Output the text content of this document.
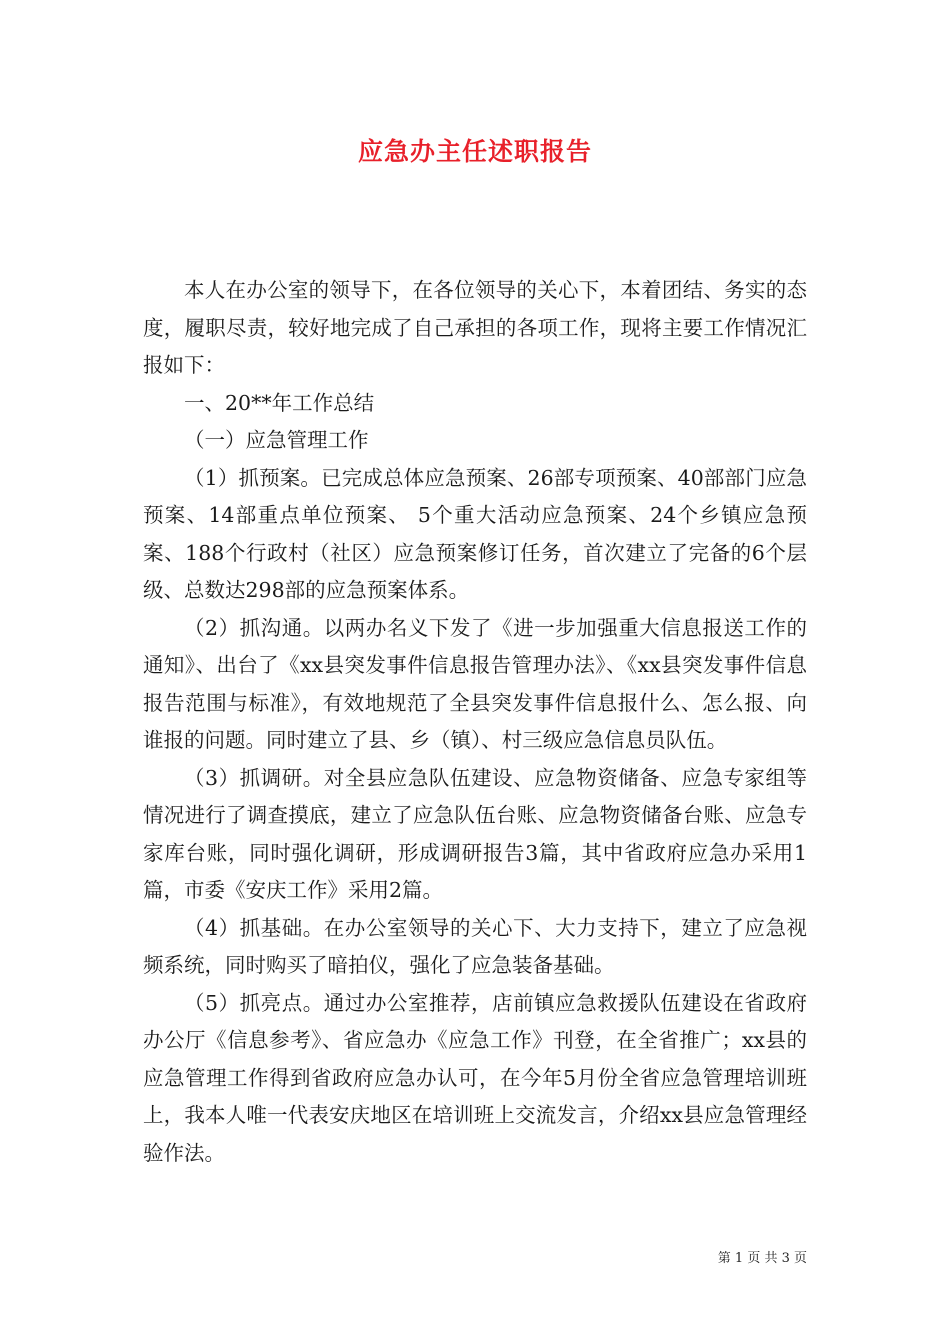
应急办主任述职报告

本人在办公室的领导下，在各位领导的关心下，本着团结、务实的态度，履职尽责，较好地完成了自己承担的各项工作，现将主要工作情况汇报如下：

一、20**年工作总结

（一）应急管理工作

（1）抓预案。已完成总体应急预案、26部专项预案、40部部门应急预案、14部重点单位预案、 5个重大活动应急预案、24个乡镇应急预案、188个行政村（社区）应急预案修订任务，首次建立了完备的6个层级、总数达298部的应急预案体系。

（2）抓沟通。以两办名义下发了《进一步加强重大信息报送工作的通知》、出台了《xx县突发事件信息报告管理办法》、《xx县突发事件信息报告范围与标准》，有效地规范了全县突发事件信息报什么、怎么报、向谁报的问题。同时建立了县、乡（镇）、村三级应急信息员队伍。

（3）抓调研。对全县应急队伍建设、应急物资储备、应急专家组等情况进行了调查摸底，建立了应急队伍台账、应急物资储备台账、应急专家库台账，同时强化调研，形成调研报告3篇，其中省政府应急办采用1篇，市委《安庆工作》采用2篇。

（4）抓基础。在办公室领导的关心下、大力支持下，建立了应急视频系统，同时购买了暗拍仪，强化了应急装备基础。

（5）抓亮点。通过办公室推荐，店前镇应急救援队伍建设在省政府办公厅《信息参考》、省应急办《应急工作》刊登，在全省推广；xx县的应急管理工作得到省政府应急办认可，在今年5月份全省应急管理培训班上，我本人唯一代表安庆地区在培训班上交流发言，介绍xx县应急管理经验作法。

第 1 页 共 3 页
